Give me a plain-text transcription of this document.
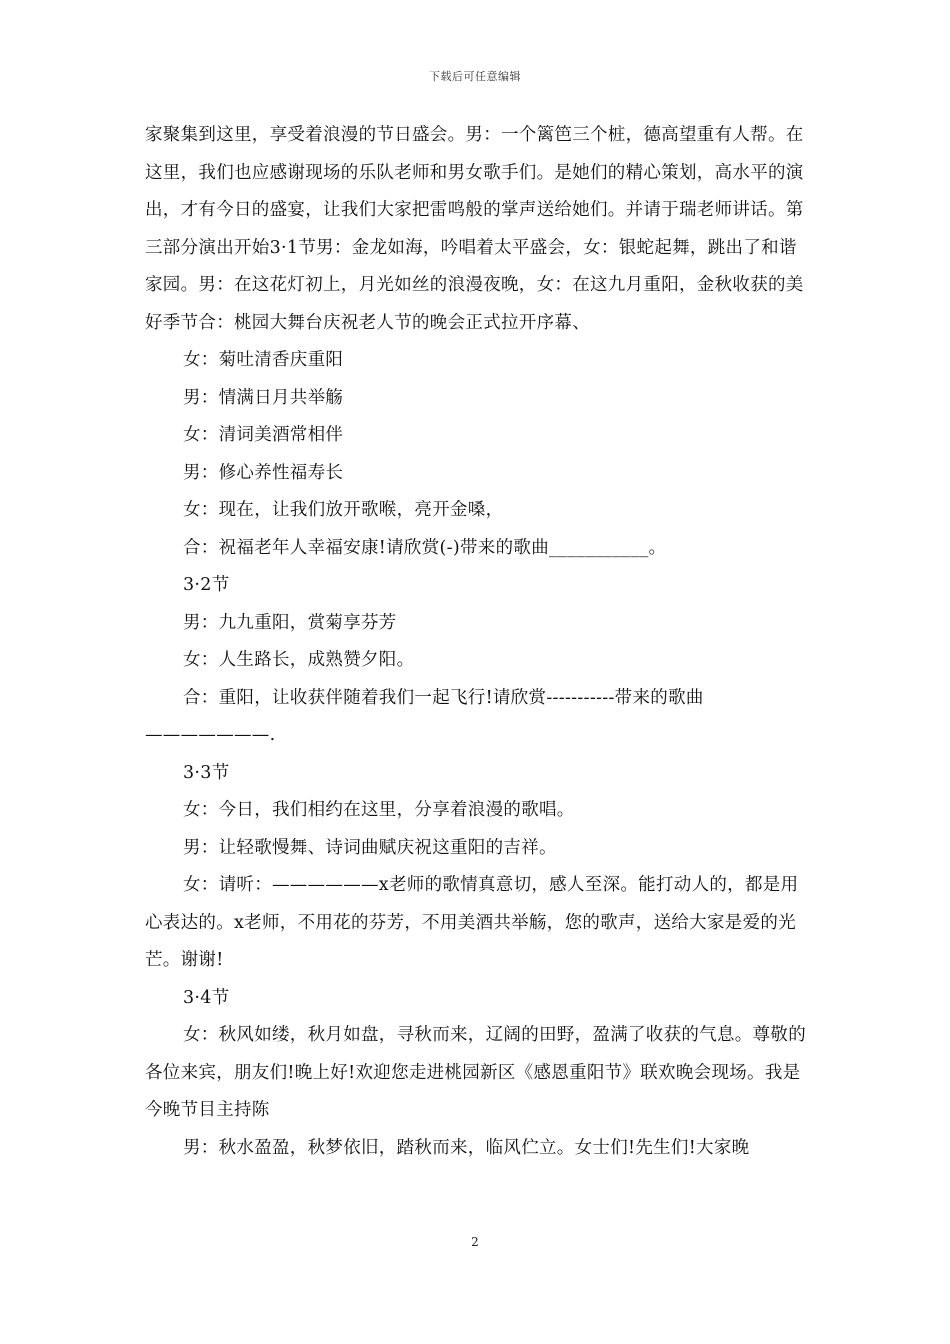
下载后可任意编辑

家聚集到这里，享受着浪漫的节日盛会。男：一个篱笆三个桩，德高望重有人帮。在这里，我们也应感谢现场的乐队老师和男女歌手们。是她们的精心策划，高水平的演出，才有今日的盛宴，让我们大家把雷鸣般的掌声送给她们。并请于瑞老师讲话。第三部分演出开始3·1节男：金龙如海，吟唱着太平盛会，女：银蛇起舞，跳出了和谐家园。男：在这花灯初上，月光如丝的浪漫夜晚，女：在这九月重阳，金秋收获的美好季节合：桃园大舞台庆祝老人节的晚会正式拉开序幕、

女：菊吐清香庆重阳

男：情满日月共举觞

女：清词美酒常相伴

男：修心养性福寿长

女：现在，让我们放开歌喉，亮开金嗓，

合：祝福老年人幸福安康!请欣赏(-)带来的歌曲___________。

3·2节

男：九九重阳，赏菊享芬芳

女：人生路长，成熟赞夕阳。

合：重阳，让收获伴随着我们一起飞行!请欣赏-----------带来的歌曲———————.

3·3节

女：今日，我们相约在这里，分享着浪漫的歌唱。

男：让轻歌慢舞、诗词曲赋庆祝这重阳的吉祥。

女：请听：——————x老师的歌情真意切，感人至深。能打动人的，都是用心表达的。x老师，不用花的芬芳，不用美酒共举觞，您的歌声，送给大家是爱的光芒。谢谢!

3·4节

女：秋风如缕，秋月如盘，寻秋而来，辽阔的田野，盈满了收获的气息。尊敬的各位来宾，朋友们!晚上好!欢迎您走进桃园新区《感恩重阳节》联欢晚会现场。我是今晚节目主持陈

男：秋水盈盈，秋梦依旧，踏秋而来，临风伫立。女士们!先生们!大家晚

2
